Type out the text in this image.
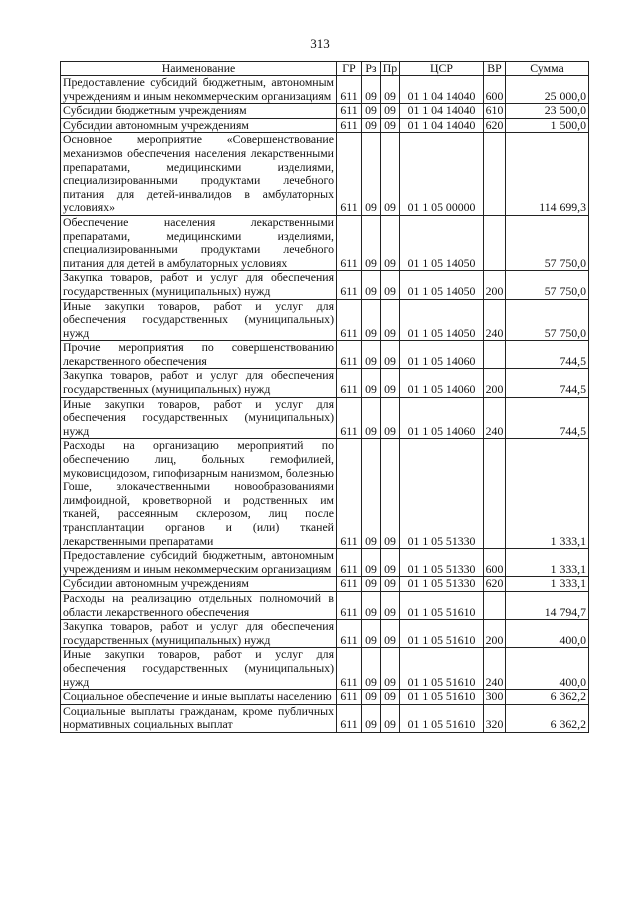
313
Наименование	ГР	Рз	Пр	ЦСР	ВР	Сумма
Предоставление субсидий бюджетным, автономным учреждениям и иным некоммерческим организациям	611	09	09	01 1 04 14040	600	25 000,0
Субсидии бюджетным учреждениям	611	09	09	01 1 04 14040	610	23 500,0
Субсидии автономным учреждениям	611	09	09	01 1 04 14040	620	1 500,0
Основное мероприятие «Совершенствование механизмов обеспечения населения лекарственными препаратами, медицинскими изделиями, специализированными продуктами лечебного питания для детей-инвалидов в амбулаторных условиях»	611	09	09	01 1 05 00000		114 699,3
Обеспечение населения лекарственными препаратами, медицинскими изделиями, специализированными продуктами лечебного питания для детей в амбулаторных условиях	611	09	09	01 1 05 14050		57 750,0
Закупка товаров, работ и услуг для обеспечения государственных (муниципальных) нужд	611	09	09	01 1 05 14050	200	57 750,0
Иные закупки товаров, работ и услуг для обеспечения государственных (муниципальных) нужд	611	09	09	01 1 05 14050	240	57 750,0
Прочие мероприятия по совершенствованию лекарственного обеспечения	611	09	09	01 1 05 14060		744,5
Закупка товаров, работ и услуг для обеспечения государственных (муниципальных) нужд	611	09	09	01 1 05 14060	200	744,5
Иные закупки товаров, работ и услуг для обеспечения государственных (муниципальных) нужд	611	09	09	01 1 05 14060	240	744,5
Расходы на организацию мероприятий по обеспечению лиц, больных гемофилией, муковисцидозом, гипофизарным нанизмом, болезнью Гоше, злокачественными новообразованиями лимфоидной, кроветворной и родственных им тканей, рассеянным склерозом, лиц после трансплантации органов и (или) тканей лекарственными препаратами	611	09	09	01 1 05 51330		1 333,1
Предоставление субсидий бюджетным, автономным учреждениям и иным некоммерческим организациям	611	09	09	01 1 05 51330	600	1 333,1
Субсидии автономным учреждениям	611	09	09	01 1 05 51330	620	1 333,1
Расходы на реализацию отдельных полномочий в области лекарственного обеспечения	611	09	09	01 1 05 51610		14 794,7
Закупка товаров, работ и услуг для обеспечения государственных (муниципальных) нужд	611	09	09	01 1 05 51610	200	400,0
Иные закупки товаров, работ и услуг для обеспечения государственных (муниципальных) нужд	611	09	09	01 1 05 51610	240	400,0
Социальное обеспечение и иные выплаты населению	611	09	09	01 1 05 51610	300	6 362,2
Социальные выплаты гражданам, кроме публичных нормативных социальных выплат	611	09	09	01 1 05 51610	320	6 362,2
